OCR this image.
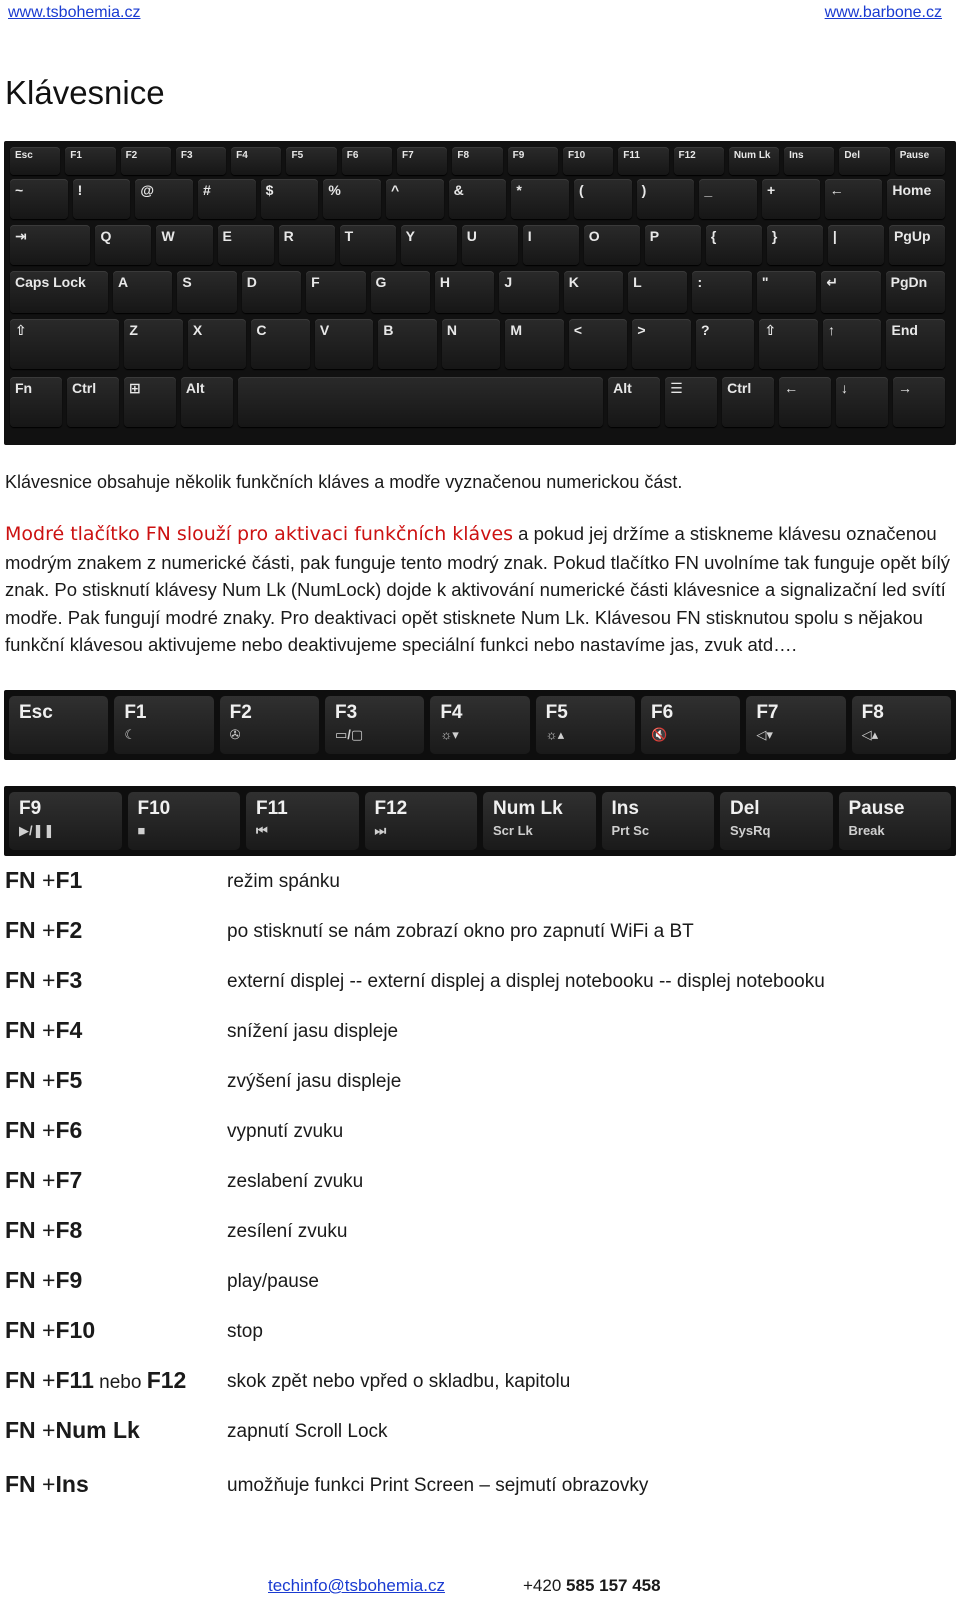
www.tsbohemia.cz	www.barbone.cz
Klávesnice
Esc	F1	F2	F3	F4	F5	F6	F7	F8	F9	F10	F11	F12	Num Lk	Ins	Del	Pause
~	!	@	#	$	%	^	&	*	(	)	_	+	←	Home
⇥	Q	W	E	R	T	Y	U	I	O	P	{	}	|	PgUp
Caps Lock	A	S	D	F	G	H	J	K	L	:	"	↵	PgDn
⇧	Z	X	C	V	B	N	M	<	>	?	⇧	↑	End
Fn	Ctrl	⊞	Alt	Alt	☰	Ctrl	←	↓	→

Klávesnice obsahuje několik funkčních kláves a modře vyznačenou numerickou část.

Modré tlačítko FN slouží pro aktivaci funkčních kláves a pokud jej držíme a stiskneme klávesu označenou modrým znakem z numerické části, pak funguje tento modrý znak. Pokud tlačítko FN uvolníme tak funguje opět bílý znak. Po stisknutí klávesy Num Lk (NumLock) dojde k aktivování numerické části klávesnice a signalizační led svítí modře. Pak fungují modré znaky. Pro deaktivaci opět stisknete Num Lk. Klávesou FN stisknutou spolu s nějakou funkční klávesou aktivujeme nebo deaktivujeme speciální funkci nebo nastavíme jas, zvuk atd….

Esc	F1
☾
F2
✇
F3
▭/▢
F4
☼▾
F5
☼▴
F6
🔇
F7
◁▾
F8
◁▴
F9
▶/❚❚
F10
■
F11
⏮
F12
⏭
Num Lk
Scr Lk
Ins
Prt Sc
Del
SysRq
Pause
Break
FN +F1	režim spánku
FN +F2	po stisknutí se nám zobrazí okno pro zapnutí WiFi a BT
FN +F3	externí displej -- externí displej a displej notebooku -- displej notebooku
FN +F4	snížení jasu displeje
FN +F5	zvýšení jasu displeje
FN +F6	vypnutí zvuku
FN +F7	zeslabení zvuku
FN +F8	zesílení zvuku
FN +F9	play/pause
FN +F10	stop
FN +F11 nebo F12 skok zpět nebo vpřed o skladbu, kapitolu
FN +Num Lk	zapnutí Scroll Lock
FN +Ins	umožňuje funkci Print Screen – sejmutí obrazovky
techinfo@tsbohemia.cz	+420 585 157 458
